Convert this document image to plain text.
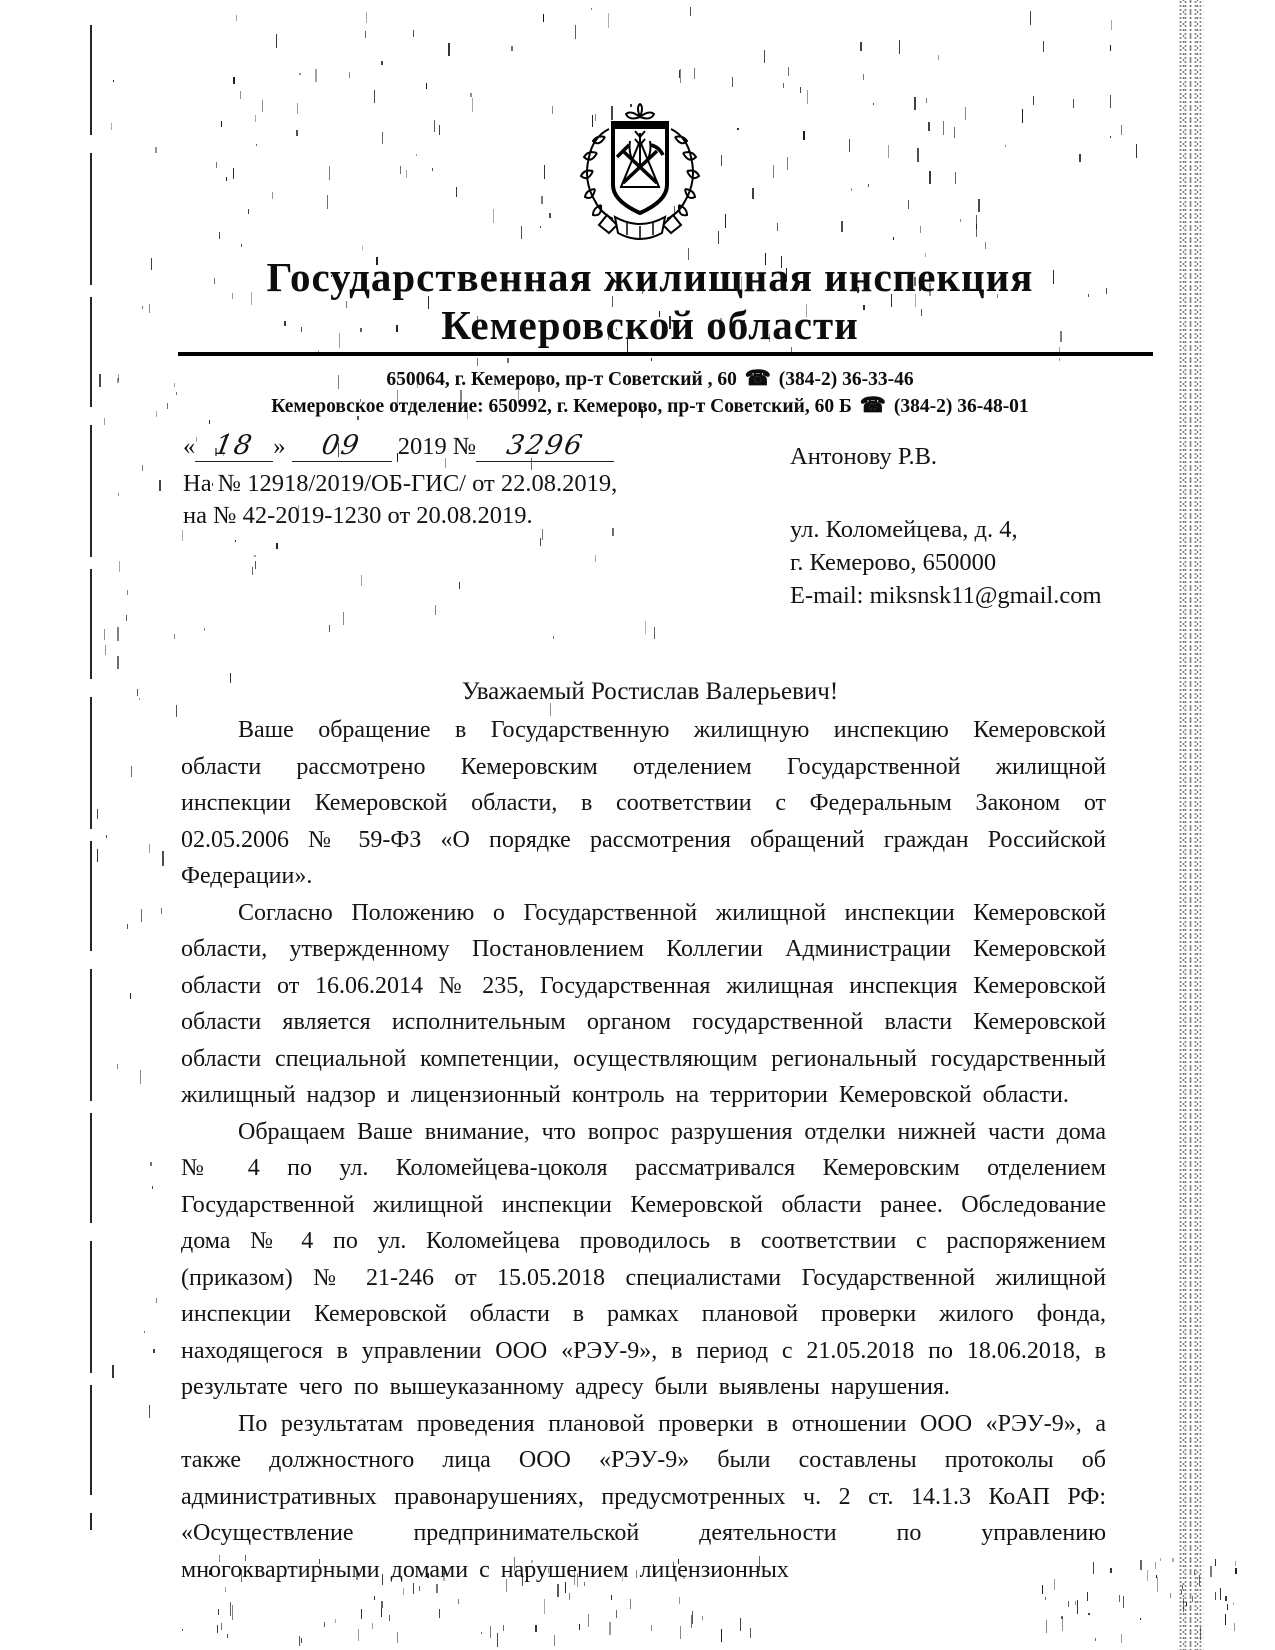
Государственная жилищная инспекция
Кемеровской области
650064, г. Кемерово, пр-т Советский , 60 ☎ (384-2) 36-33-46
Кемеровское отделение: 650992, г. Кемерово, пр-т Советский, 60 Б ☎ (384-2) 36-48-01
« 18 » 09 2019 № 3296
На № 12918/2019/ОБ-ГИС/ от 22.08.2019,
на № 42-2019-1230 от 20.08.2019.
Антонову Р.В.
ул. Коломейцева, д. 4,
г. Кемерово, 650000
E-mail: miksnsk11@gmail.com
Уважаемый Ростислав Валерьевич!

Ваше обращение в Государственную жилищную инспекцию Кемеровской области рассмотрено Кемеровским отделением Государственной жилищной инспекции Кемеровской области, в соответствии с Федеральным Законом от 02.05.2006 № 59-ФЗ «О порядке рассмотрения обращений граждан Российской Федерации».

Согласно Положению о Государственной жилищной инспекции Кемеровской области, утвержденному Постановлением Коллегии Администрации Кемеровской области от 16.06.2014 № 235, Государственная жилищная инспекция Кемеровской области является исполнительным органом государственной власти Кемеровской области специальной компетенции, осуществляющим региональный государственный жилищный надзор и лицензионный контроль на территории Кемеровской области.

Обращаем Ваше внимание, что вопрос разрушения отделки нижней части дома № 4 по ул. Коломейцева-цоколя рассматривался Кемеровским отделением Государственной жилищной инспекции Кемеровской области ранее. Обследование дома № 4 по ул. Коломейцева проводилось в соответствии с распоряжением (приказом) № 21-246 от 15.05.2018 специалистами Государственной жилищной инспекции Кемеровской области в рамках плановой проверки жилого фонда, находящегося в управлении ООО «РЭУ-9», в период с 21.05.2018 по 18.06.2018, в результате чего по вышеуказанному адресу были выявлены нарушения.

По результатам проведения плановой проверки в отношении ООО «РЭУ-9», а также должностного лица ООО «РЭУ-9» были составлены протоколы об административных правонарушениях, предусмотренных ч. 2 ст. 14.1.3 КоАП РФ: «Осуществление предпринимательской деятельности по управлению многоквартирными домами с нарушением лицензионных
